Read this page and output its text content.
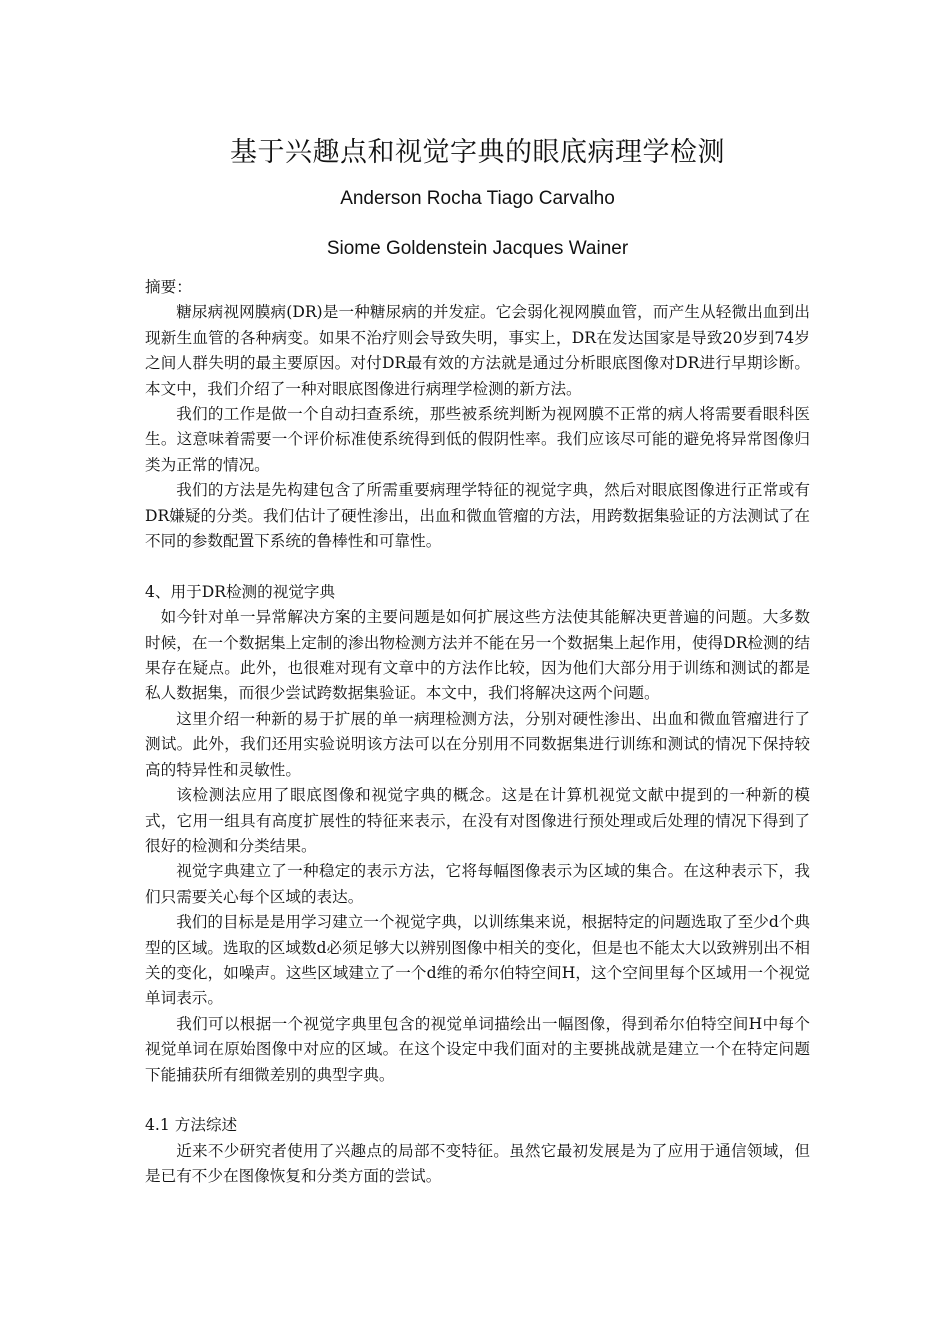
基于兴趣点和视觉字典的眼底病理学检测
Anderson Rocha Tiago Carvalho
Siome Goldenstein Jacques Wainer

摘要：

糖尿病视网膜病(DR)是一种糖尿病的并发症。它会弱化视网膜血管，而产生从轻微出血到出现新生血管的各种病变。如果不治疗则会导致失明，事实上，DR在发达国家是导致20岁到74岁之间人群失明的最主要原因。对付DR最有效的方法就是通过分析眼底图像对DR进行早期诊断。本文中，我们介绍了一种对眼底图像进行病理学检测的新方法。

我们的工作是做一个自动扫查系统，那些被系统判断为视网膜不正常的病人将需要看眼科医生。这意味着需要一个评价标准使系统得到低的假阴性率。我们应该尽可能的避免将异常图像归类为正常的情况。

我们的方法是先构建包含了所需重要病理学特征的视觉字典，然后对眼底图像进行正常或有DR嫌疑的分类。我们估计了硬性渗出，出血和微血管瘤的方法，用跨数据集验证的方法测试了在不同的参数配置下系统的鲁棒性和可靠性。

4、用于DR检测的视觉字典

如今针对单一异常解决方案的主要问题是如何扩展这些方法使其能解决更普遍的问题。大多数时候，在一个数据集上定制的渗出物检测方法并不能在另一个数据集上起作用，使得DR检测的结果存在疑点。此外，也很难对现有文章中的方法作比较，因为他们大部分用于训练和测试的都是私人数据集，而很少尝试跨数据集验证。本文中，我们将解决这两个问题。

这里介绍一种新的易于扩展的单一病理检测方法，分别对硬性渗出、出血和微血管瘤进行了测试。此外，我们还用实验说明该方法可以在分别用不同数据集进行训练和测试的情况下保持较高的特异性和灵敏性。

该检测法应用了眼底图像和视觉字典的概念。这是在计算机视觉文献中提到的一种新的模式，它用一组具有高度扩展性的特征来表示，在没有对图像进行预处理或后处理的情况下得到了很好的检测和分类结果。

视觉字典建立了一种稳定的表示方法，它将每幅图像表示为区域的集合。在这种表示下，我们只需要关心每个区域的表达。

我们的目标是是用学习建立一个视觉字典，以训练集来说，根据特定的问题选取了至少d个典型的区域。选取的区域数d必须足够大以辨别图像中相关的变化，但是也不能太大以致辨别出不相关的变化，如噪声。这些区域建立了一个d维的希尔伯特空间H，这个空间里每个区域用一个视觉单词表示。

我们可以根据一个视觉字典里包含的视觉单词描绘出一幅图像，得到希尔伯特空间H中每个视觉单词在原始图像中对应的区域。在这个设定中我们面对的主要挑战就是建立一个在特定问题下能捕获所有细微差别的典型字典。

4.1 方法综述

近来不少研究者使用了兴趣点的局部不变特征。虽然它最初发展是为了应用于通信领域，但是已有不少在图像恢复和分类方面的尝试。
